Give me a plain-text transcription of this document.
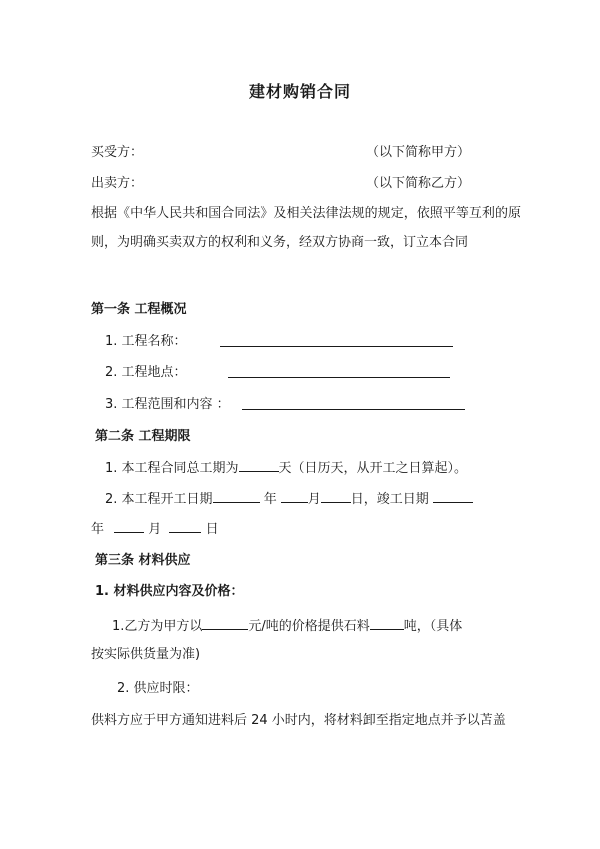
建材购销合同
买受方：	（以下简称甲方）
出卖方：	（以下简称乙方）
根据《中华人民共和国合同法》及相关法律法规的规定，依照平等互利的原则，为明确买卖双方的权利和义务，经双方协商一致，订立本合同
第一条 工程概况
1. 工程名称：
2. 工程地点：
3. 工程范围和内容 ：
第二条 工程期限
1. 本工程合同总工期为	天（日历天，从开工之日算起）。
2. 本工程开工日期	年 月 日，竣工日期
年	月	日
第三条 材料供应
1. 材料供应内容及价格：
1.乙方为甲方以	元/吨的价格提供石料	吨，（具体
按实际供货量为准)
2. 供应时限：
供料方应于甲方通知进料后 24 小时内，将材料卸至指定地点并予以苫盖
